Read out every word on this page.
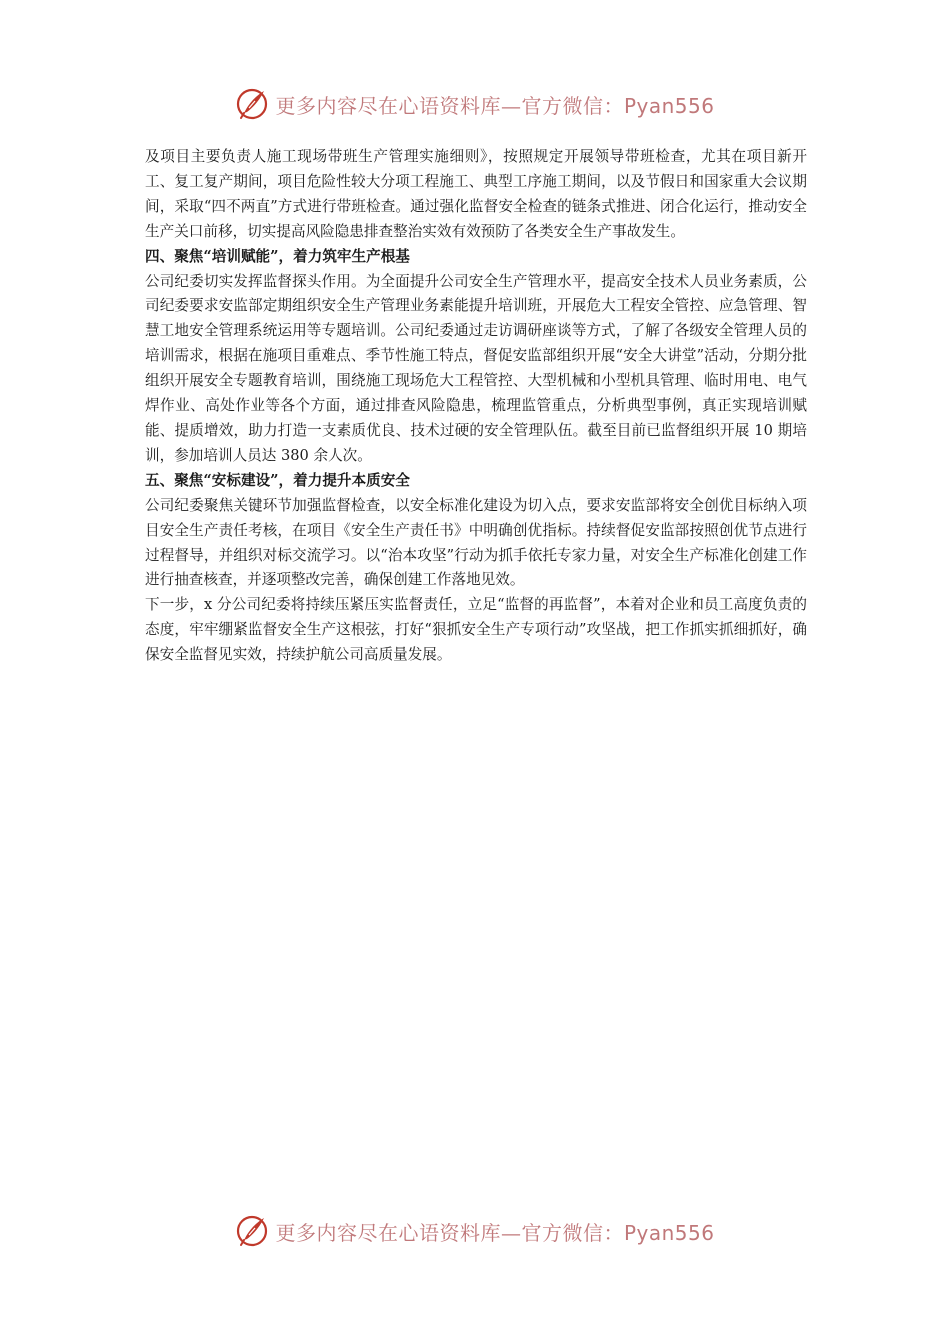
更多内容尽在心语资料库—官方微信：Pyan556

及项目主要负责人施工现场带班生产管理实施细则》，按照规定开展领导带班检查，尤其在项目新开工、复工复产期间，项目危险性较大分项工程施工、典型工序施工期间，以及节假日和国家重大会议期间，采取“四不两直”方式进行带班检查。通过强化监督安全检查的链条式推进、闭合化运行，推动安全生产关口前移，切实提高风险隐患排查整治实效有效预防了各类安全生产事故发生。

四、聚焦“培训赋能”，着力筑牢生产根基

公司纪委切实发挥监督探头作用。为全面提升公司安全生产管理水平，提高安全技术人员业务素质，公司纪委要求安监部定期组织安全生产管理业务素能提升培训班，开展危大工程安全管控、应急管理、智慧工地安全管理系统运用等专题培训。公司纪委通过走访调研座谈等方式，了解了各级安全管理人员的培训需求，根据在施项目重难点、季节性施工特点，督促安监部组织开展“安全大讲堂”活动，分期分批组织开展安全专题教育培训，围绕施工现场危大工程管控、大型机械和小型机具管理、临时用电、电气焊作业、高处作业等各个方面，通过排查风险隐患，梳理监管重点，分析典型事例，真正实现培训赋能、提质增效，助力打造一支素质优良、技术过硬的安全管理队伍。截至目前已监督组织开展 10 期培训，参加培训人员达 380 余人次。

五、聚焦“安标建设”，着力提升本质安全

公司纪委聚焦关键环节加强监督检查，以安全标准化建设为切入点，要求安监部将安全创优目标纳入项目安全生产责任考核，在项目《安全生产责任书》中明确创优指标。持续督促安监部按照创优节点进行过程督导，并组织对标交流学习。以“治本攻坚”行动为抓手依托专家力量，对安全生产标准化创建工作进行抽查核查，并逐项整改完善，确保创建工作落地见效。

下一步，x 分公司纪委将持续压紧压实监督责任，立足“监督的再监督”，本着对企业和员工高度负责的态度，牢牢绷紧监督安全生产这根弦，打好“狠抓安全生产专项行动”攻坚战，把工作抓实抓细抓好，确保安全监督见实效，持续护航公司高质量发展。

更多内容尽在心语资料库—官方微信：Pyan556
